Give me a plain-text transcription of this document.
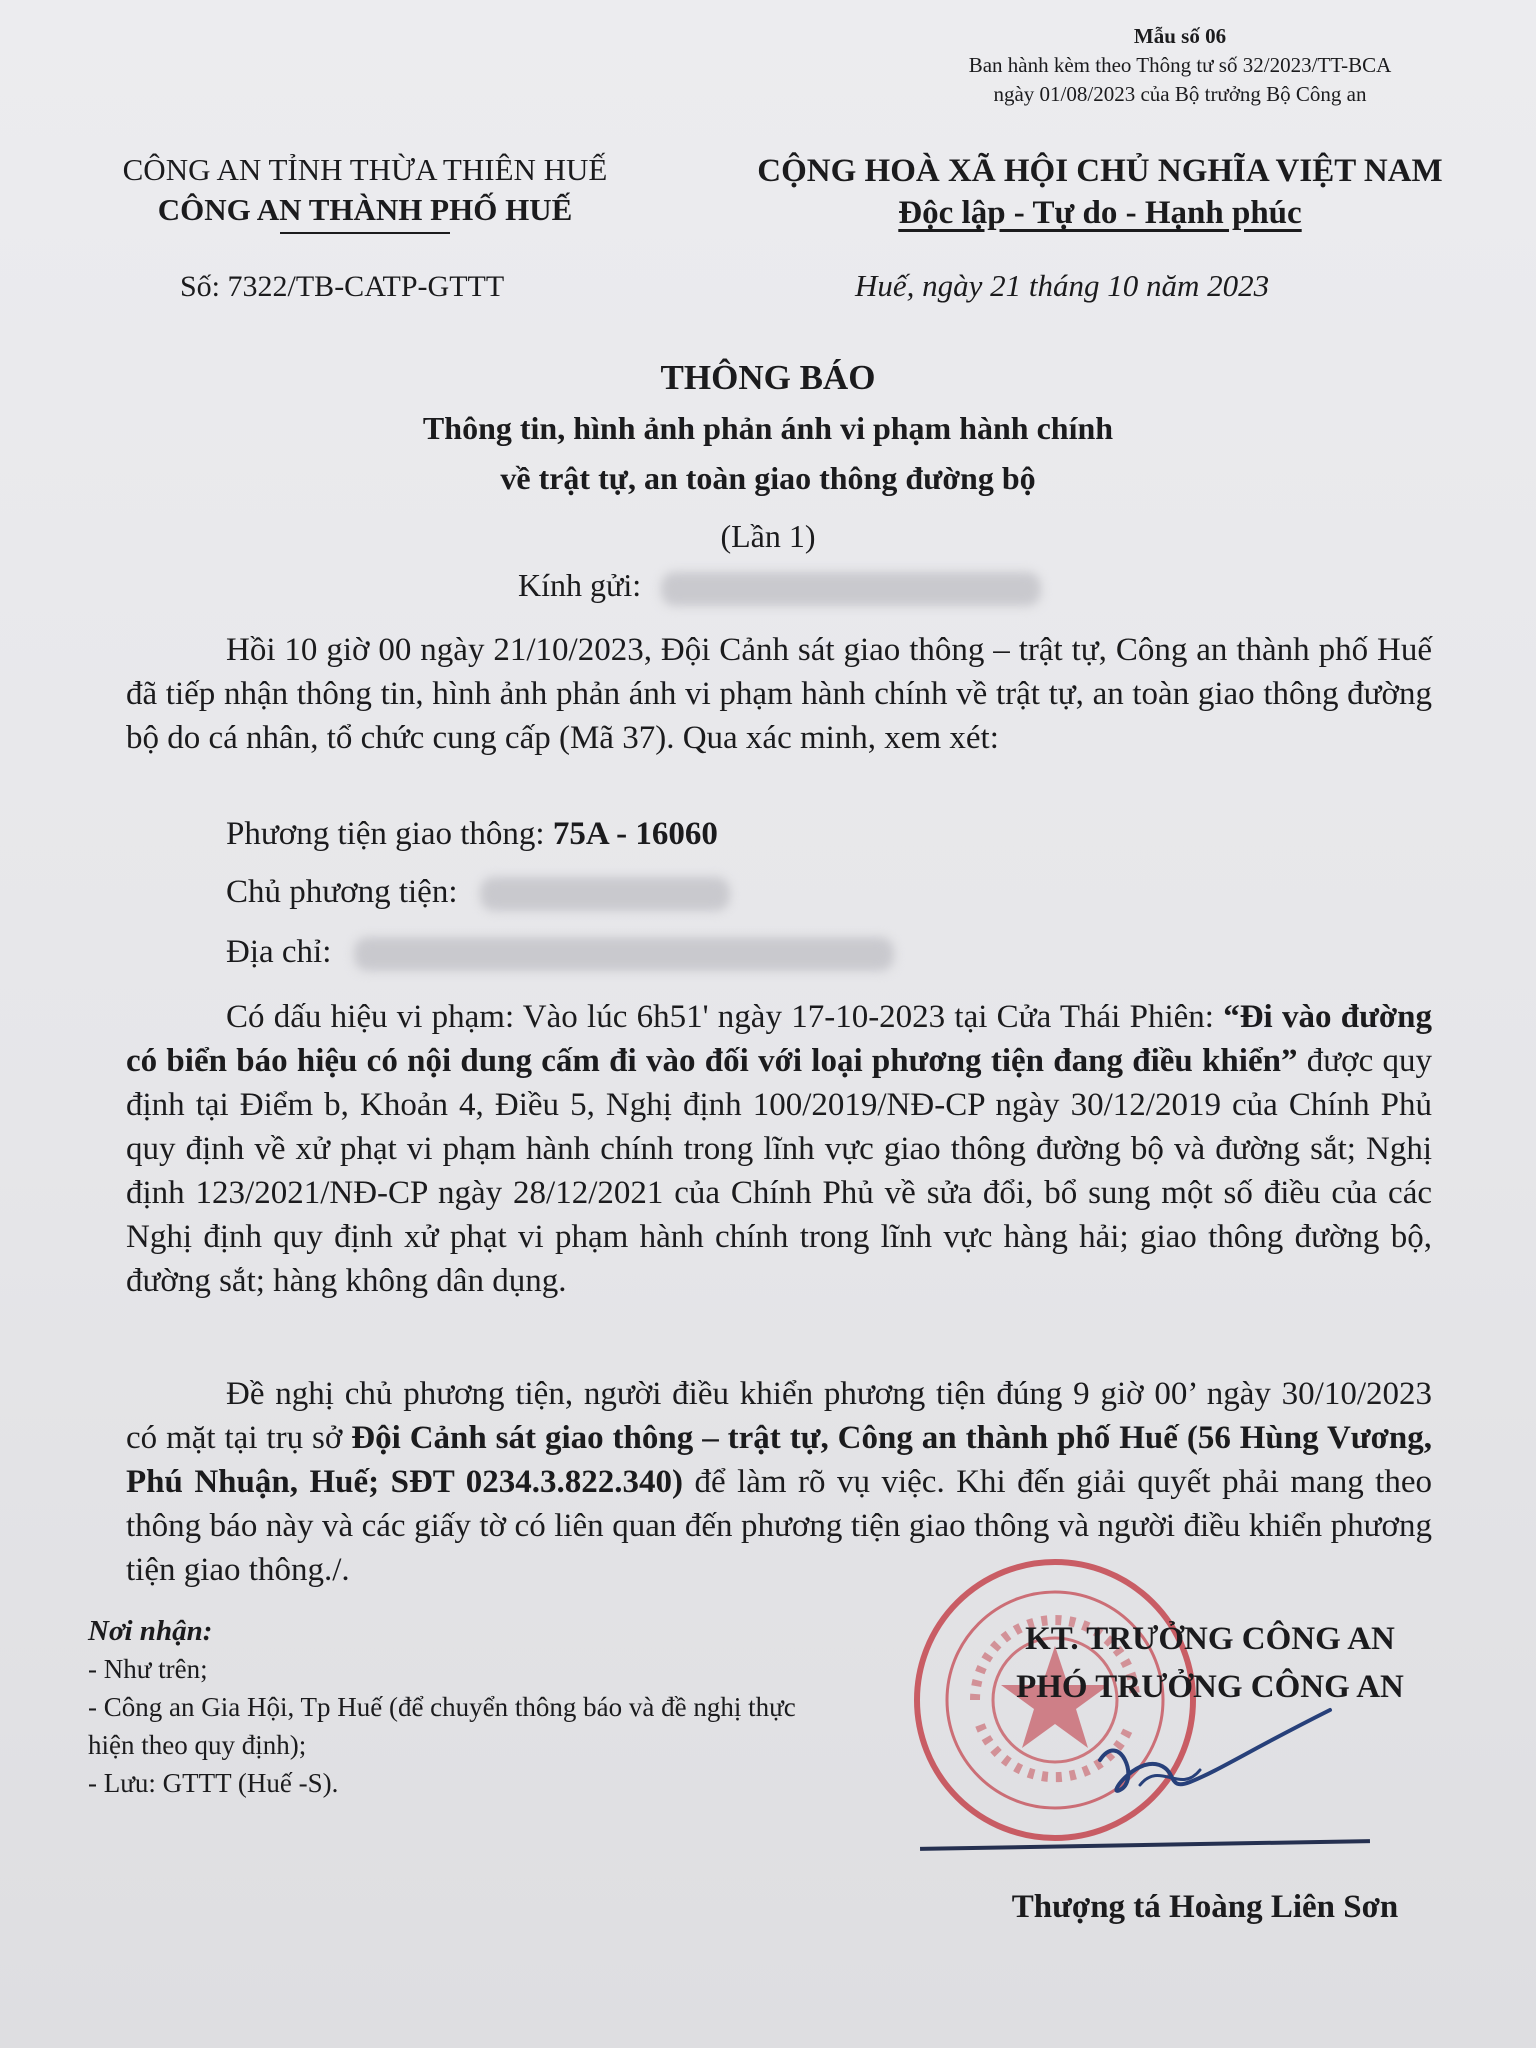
Mẫu số 06
Ban hành kèm theo Thông tư số 32/2023/TT-BCA
ngày 01/08/2023 của Bộ trưởng Bộ Công an
CÔNG AN TỈNH THỪA THIÊN HUẾ
CÔNG AN THÀNH PHỐ HUẾ
CỘNG HOÀ XÃ HỘI CHỦ NGHĨA VIỆT NAM
Độc lập - Tự do - Hạnh phúc
Số: 7322/TB-CATP-GTTT	Huế, ngày 21 tháng 10 năm 2023
THÔNG BÁO
Thông tin, hình ảnh phản ánh vi phạm hành chính
về trật tự, an toàn giao thông đường bộ
(Lần 1)
Kính gửi:
Hồi 10 giờ 00 ngày 21/10/2023, Đội Cảnh sát giao thông – trật tự, Công an thành phố Huế đã tiếp nhận thông tin, hình ảnh phản ánh vi phạm hành chính về trật tự, an toàn giao thông đường bộ do cá nhân, tổ chức cung cấp (Mã 37). Qua xác minh, xem xét:
Phương tiện giao thông: 75A - 16060
Chủ phương tiện:
Địa chỉ:
Có dấu hiệu vi phạm: Vào lúc 6h51' ngày 17-10-2023 tại Cửa Thái Phiên: “Đi vào đường có biển báo hiệu có nội dung cấm đi vào đối với loại phương tiện đang điều khiển” được quy định tại Điểm b, Khoản 4, Điều 5, Nghị định 100/2019/NĐ-CP ngày 30/12/2019 của Chính Phủ quy định về xử phạt vi phạm hành chính trong lĩnh vực giao thông đường bộ và đường sắt; Nghị định 123/2021/NĐ-CP ngày 28/12/2021 của Chính Phủ về sửa đổi, bổ sung một số điều của các Nghị định quy định xử phạt vi phạm hành chính trong lĩnh vực hàng hải; giao thông đường bộ, đường sắt; hàng không dân dụng.
Đề nghị chủ phương tiện, người điều khiển phương tiện đúng 9 giờ 00’ ngày 30/10/2023 có mặt tại trụ sở Đội Cảnh sát giao thông – trật tự, Công an thành phố Huế (56 Hùng Vương, Phú Nhuận, Huế; SĐT 0234.3.822.340) để làm rõ vụ việc. Khi đến giải quyết phải mang theo thông báo này và các giấy tờ có liên quan đến phương tiện giao thông và người điều khiển phương tiện giao thông./.
Nơi nhận:
- Như trên;
- Công an Gia Hội, Tp Huế (để chuyển thông báo và đề nghị thực hiện theo quy định);
- Lưu: GTTT (Huế -S).
KT. TRƯỞNG CÔNG AN
PHÓ TRƯỞNG CÔNG AN
Thượng tá Hoàng Liên Sơn
